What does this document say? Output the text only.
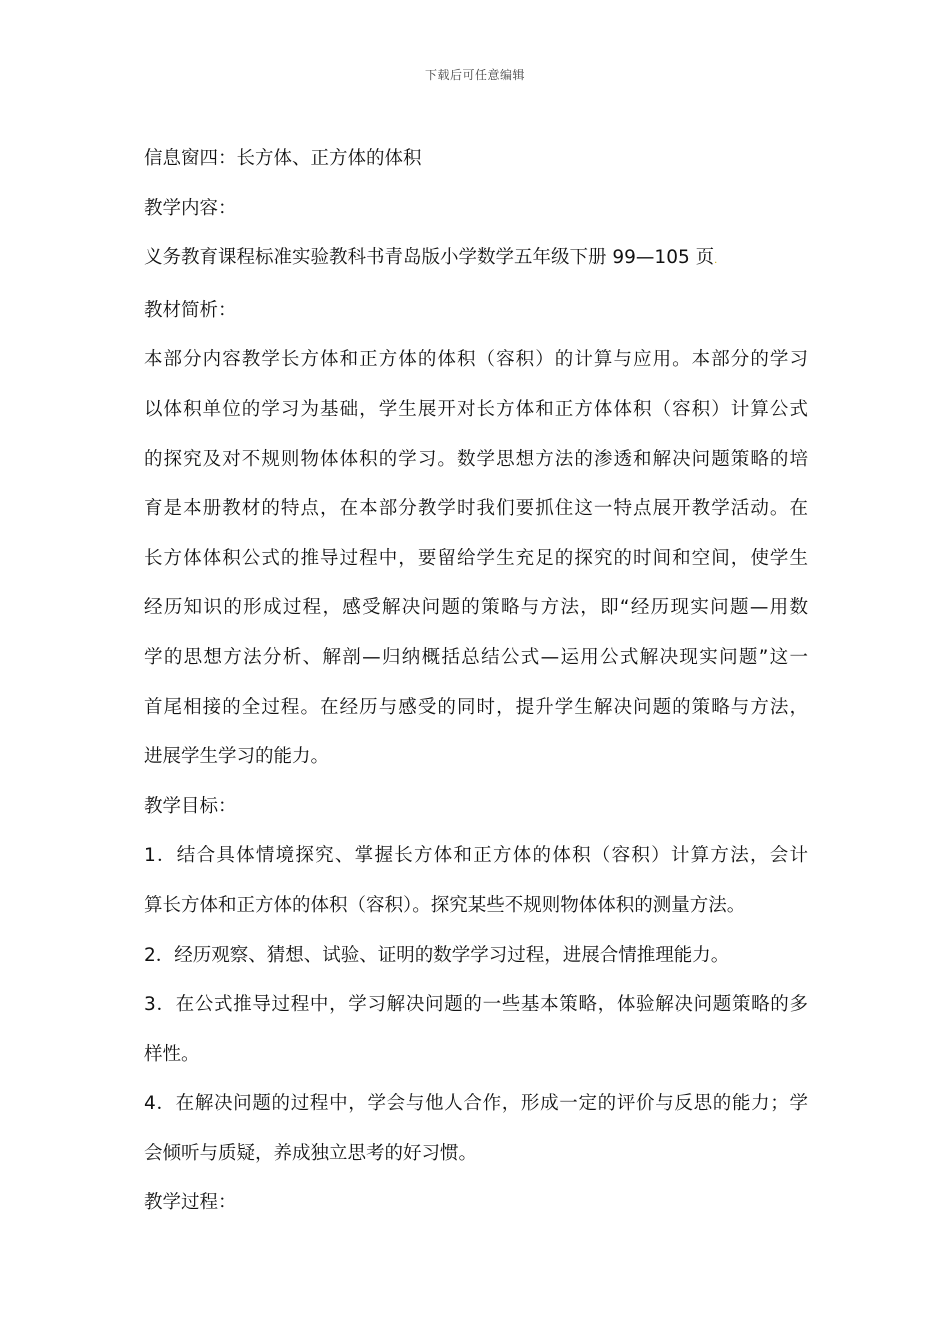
下载后可任意编辑
信息窗四：长方体、正方体的体积
教学内容：
义务教育课程标准实验教科书青岛版小学数学五年级下册 99—105 页.
教材简析：
本部分内容教学长方体和正方体的体积（容积）的计算与应用。本部分的学习
以体积单位的学习为基础，学生展开对长方体和正方体体积（容积）计算公式
的探究及对不规则物体体积的学习。数学思想方法的渗透和解决问题策略的培
育是本册教材的特点，在本部分教学时我们要抓住这一特点展开教学活动。在
长方体体积公式的推导过程中，要留给学生充足的探究的时间和空间，使学生
经历知识的形成过程，感受解决问题的策略与方法，即“经历现实问题—用数
学的思想方法分析、解剖—归纳概括总结公式—运用公式解决现实问题”这一
首尾相接的全过程。在经历与感受的同时，提升学生解决问题的策略与方法，
进展学生学习的能力。
教学目标：
1．结合具体情境探究、掌握长方体和正方体的体积（容积）计算方法，会计
算长方体和正方体的体积（容积）。探究某些不规则物体体积的测量方法。
2．经历观察、猜想、试验、证明的数学学习过程，进展合情推理能力。
3．在公式推导过程中，学习解决问题的一些基本策略，体验解决问题策略的多
样性。
4．在解决问题的过程中，学会与他人合作，形成一定的评价与反思的能力；学
会倾听与质疑，养成独立思考的好习惯。
教学过程：
